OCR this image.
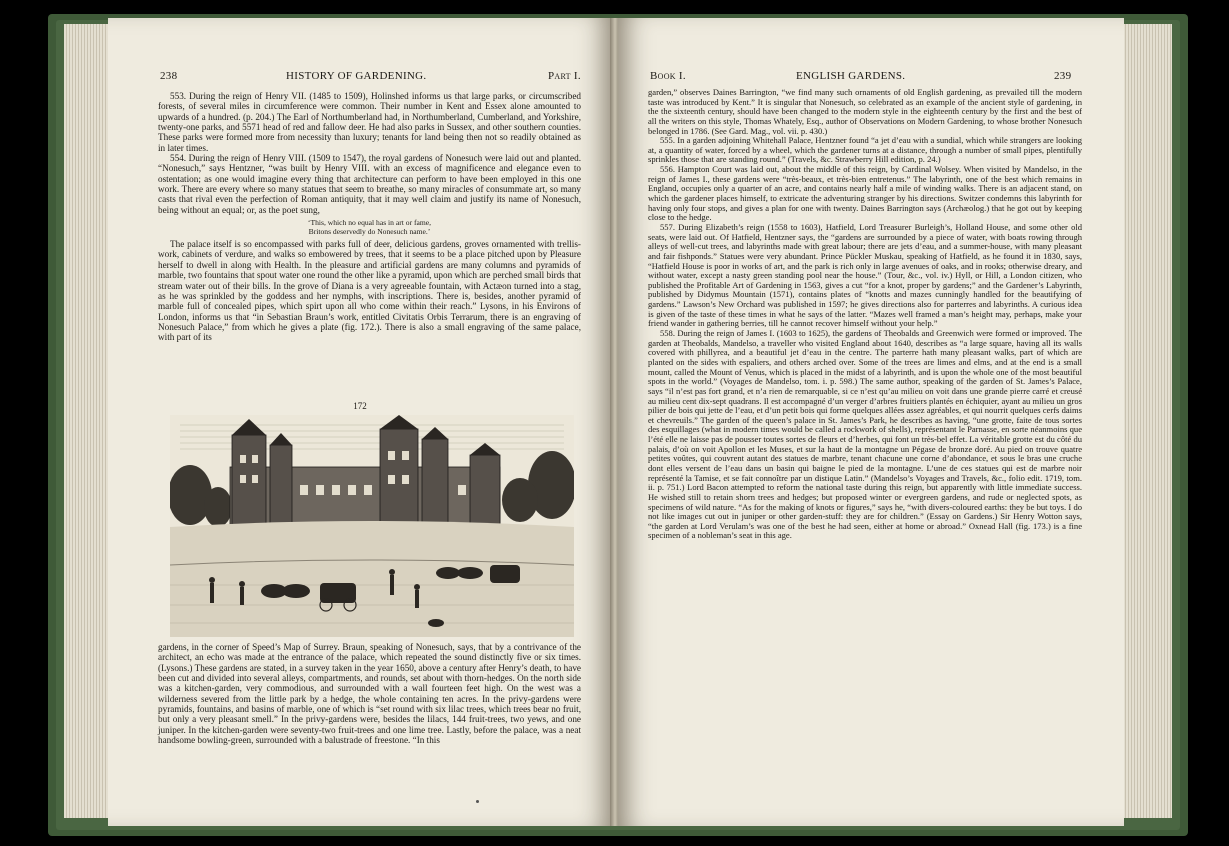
238	HISTORY OF GARDENING.	Part I.

553. During the reign of Henry VII. (1485 to 1509), Holinshed informs us that large parks, or circumscribed forests, of several miles in circumference were common. Their number in Kent and Essex alone amounted to upwards of a hundred. (p. 204.) The Earl of Northumberland had, in Northumberland, Cumberland, and Yorkshire, twenty-one parks, and 5571 head of red and fallow deer. He had also parks in Sussex, and other southern counties. These parks were formed more from necessity than luxury; tenants for land being then not so readily obtained as in later times.

554. During the reign of Henry VIII. (1509 to 1547), the royal gardens of Nonesuch were laid out and planted. “Nonesuch,” says Hentzner, “was built by Henry VIII. with an excess of magnificence and elegance even to ostentation; as one would imagine every thing that architecture can perform to have been employed in this one work. There are every where so many statues that seem to breathe, so many miracles of consummate art, so many casts that rival even the perfection of Roman antiquity, that it may well claim and justify its name of Nonesuch, being without an equal; or, as the poet sung,

‘This, which no equal has in art or fame,
Britons deservedly do Nonesuch name.’

The palace itself is so encompassed with parks full of deer, delicious gardens, groves ornamented with trellis-work, cabinets of verdure, and walks so embowered by trees, that it seems to be a place pitched upon by Pleasure herself to dwell in along with Health. In the pleasure and artificial gardens are many columns and pyramids of marble, two fountains that spout water one round the other like a pyramid, upon which are perched small birds that stream water out of their bills. In the grove of Diana is a very agreeable fountain, with Actæon turned into a stag, as he was sprinkled by the goddess and her nymphs, with inscriptions. There is, besides, another pyramid of marble full of concealed pipes, which spirt upon all who come within their reach.” Lysons, in his Environs of London, informs us that “in Sebastian Braun’s work, entitled Civitatis Orbis Terrarum, there is an engraving of Nonesuch Palace,” from which he gives a plate (fig. 172.). There is also a small engraving of the same palace, with part of its

172

gardens, in the corner of Speed’s Map of Surrey. Braun, speaking of Nonesuch, says, that by a contrivance of the architect, an echo was made at the entrance of the palace, which repeated the sound distinctly five or six times. (Lysons.) These gardens are stated, in a survey taken in the year 1650, above a century after Henry’s death, to have been cut and divided into several alleys, compartments, and rounds, set about with thorn-hedges. On the north side was a kitchen-garden, very commodious, and surrounded with a wall fourteen feet high. On the west was a wilderness severed from the little park by a hedge, the whole containing ten acres. In the privy-gardens were pyramids, fountains, and basins of marble, one of which is “set round with six lilac trees, which trees bear no fruit, but only a very pleasant smell.” In the privy-gardens were, besides the lilacs, 144 fruit-trees, two yews, and one juniper. In the kitchen-garden were seventy-two fruit-trees and one lime tree. Lastly, before the palace, was a neat handsome bowling-green, surrounded with a balustrade of freestone. “In this

Book I.	ENGLISH GARDENS.	239

garden,” observes Daines Barrington, “we find many such ornaments of old English gardening, as prevailed till the modern taste was introduced by Kent.” It is singular that Nonesuch, so celebrated as an example of the ancient style of gardening, in the the sixteenth century, should have been changed to the modern style in the eighteenth century by the first and the best of all the writers on this style, Thomas Whately, Esq., author of Observations on Modern Gardening, to whose brother Nonesuch belonged in 1786. (See Gard. Mag., vol. vii. p. 430.)

555. In a garden adjoining Whitehall Palace, Hentzner found “a jet d’eau with a sundial, which while strangers are looking at, a quantity of water, forced by a wheel, which the gardener turns at a distance, through a number of small pipes, plentifully sprinkles those that are standing round.” (Travels, &c. Strawberry Hill edition, p. 24.)

556. Hampton Court was laid out, about the middle of this reign, by Cardinal Wolsey. When visited by Mandelso, in the reign of James I., these gardens were “très-beaux, et très-bien entretenus.” The labyrinth, one of the best which remains in England, occupies only a quarter of an acre, and contains nearly half a mile of winding walks. There is an adjacent stand, on which the gardener places himself, to extricate the adventuring stranger by his directions. Switzer condemns this labyrinth for having only four stops, and gives a plan for one with twenty. Daines Barrington says (Archæolog.) that he got out by keeping close to the hedge.

557. During Elizabeth’s reign (1558 to 1603), Hatfield, Lord Treasurer Burleigh’s, Holland House, and some other old seats, were laid out. Of Hatfield, Hentzner says, the “gardens are surrounded by a piece of water, with boats rowing through alleys of well-cut trees, and labyrinths made with great labour; there are jets d’eau, and a summer-house, with many pleasant and fair fishponds.” Statues were very abundant. Prince Pückler Muskau, speaking of Hatfield, as he found it in 1830, says, “Hatfield House is poor in works of art, and the park is rich only in large avenues of oaks, and in rooks; otherwise dreary, and without water, except a nasty green standing pool near the house.” (Tour, &c., vol. iv.) Hyll, or Hill, a London citizen, who published the Profitable Art of Gardening in 1563, gives a cut “for a knot, proper by gardens;” and the Gardener’s Labyrinth, published by Didymus Mountain (1571), contains plates of “knotts and mazes cunningly handled for the beautifying of gardens.” Lawson’s New Orchard was published in 1597; he gives directions also for parterres and labyrinths. A curious idea is given of the taste of these times in what he says of the latter. “Mazes well framed a man’s height may, perhaps, make your friend wander in gathering berries, till he cannot recover himself without your help.”

558. During the reign of James I. (1603 to 1625), the gardens of Theobalds and Greenwich were formed or improved. The garden at Theobalds, Mandelso, a traveller who visited England about 1640, describes as “a large square, having all its walls covered with phillyrea, and a beautiful jet d’eau in the centre. The parterre hath many pleasant walks, part of which are planted on the sides with espaliers, and others arched over. Some of the trees are limes and elms, and at the end is a small mount, called the Mount of Venus, which is placed in the midst of a labyrinth, and is upon the whole one of the most beautiful spots in the world.” (Voyages de Mandelso, tom. i. p. 598.) The same author, speaking of the garden of St. James’s Palace, says “il n’est pas fort grand, et n’a rien de remarquable, si ce n’est qu’au milieu on voit dans une grande pierre carré et creusé au milieu cent dix-sept quadrans. Il est accompagné d’un verger d’arbres fruitiers plantés en échiquier, ayant au milieu un gros pilier de bois qui jette de l’eau, et d’un petit bois qui forme quelques allées assez agréables, et qui nourrit quelques cerfs daims et chevreuils.” The garden of the queen’s palace in St. James’s Park, he describes as having, “une grotte, faite de tous sortes des esquillages (what in modern times would be called a rockwork of shells), représentant le Parnasse, en sorte néanmoins que l’été elle ne laisse pas de pousser toutes sortes de fleurs et d’herbes, qui font un très-bel effet. La véritable grotte est du côté du palais, d’où on voit Apollon et les Muses, et sur la haut de la montagne un Pégase de bronze doré. Au pied on trouve quatre petites voûtes, qui couvrent autant des statues de marbre, tenant chacune une corne d’abondance, et sous le bras une cruche dont elles versent de l’eau dans un basin qui baigne le pied de la montagne. L’une de ces statues qui est de marbre noir représenté la Tamise, et se fait connoître par un distique Latin.” (Mandelso’s Voyages and Travels, &c., folio edit. 1719, tom. ii. p. 751.) Lord Bacon attempted to reform the national taste during this reign, but apparently with little immediate success. He wished still to retain shorn trees and hedges; but proposed winter or evergreen gardens, and rude or neglected spots, as specimens of wild nature. “As for the making of knots or figures,” says he, “with divers-coloured earths: they be but toys. I do not like images cut out in juniper or other garden-stuff: they are for children.” (Essay on Gardens.) Sir Henry Wotton says, “the garden at Lord Verulam’s was one of the best he had seen, either at home or abroad.” Oxnead Hall (fig. 173.) is a fine specimen of a nobleman’s seat in this age.
